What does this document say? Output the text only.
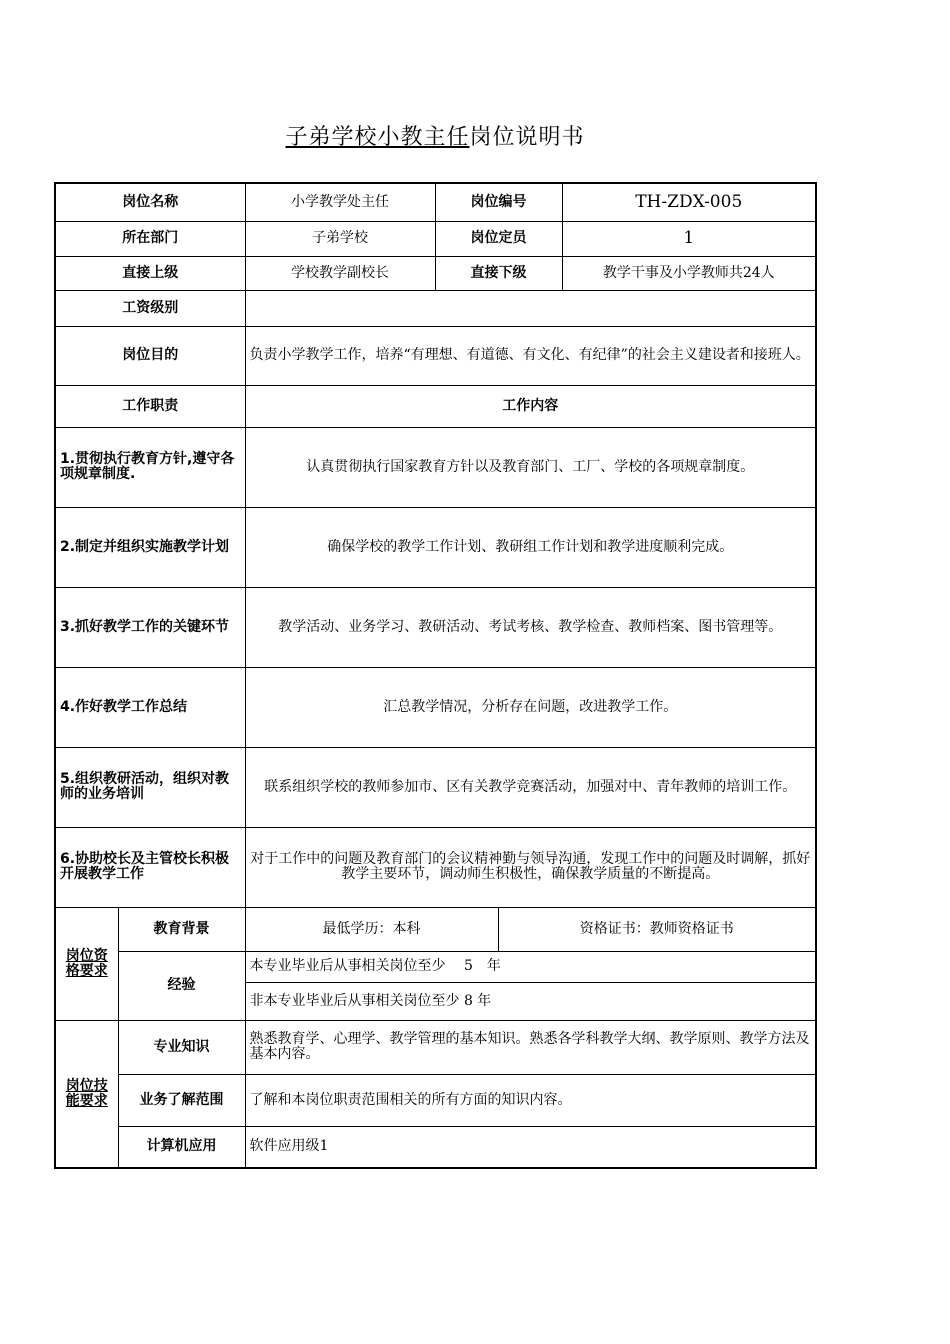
子弟学校小教主任岗位说明书
岗位名称		小学教学处主任	岗位编号		TH-ZDX-005
所在部门		子弟学校	岗位定员		1
直接上级		学校教学副校长	直接下级		教学干事及小学教师共24人
工资级别					
岗位目的		负责小学教学工作，培养“有理想、有道德、有文化、有纪律”的社会主义建设者和接班人。			
工作职责		工作内容			
1.贯彻执行教育方针,遵守各项规章制度.		认真贯彻执行国家教育方针以及教育部门、工厂、学校的各项规章制度。			
2.制定并组织实施教学计划		确保学校的教学工作计划、教研组工作计划和教学进度顺利完成。			
3.抓好教学工作的关键环节		教学活动、业务学习、教研活动、考试考核、教学检查、教师档案、图书管理等。			
4.作好教学工作总结		汇总教学情况，分析存在问题，改进教学工作。			
5.组织教研活动，组织对教师的业务培训		联系组织学校的教师参加市、区有关教学竞赛活动，加强对中、青年教师的培训工作。			
6.协助校长及主管校长积极开展教学工作		对于工作中的问题及教育部门的会议精神勤与领导沟通，发现工作中的问题及时调解，抓好教学主要环节，调动师生积极性，确保教学质量的不断提高。			
岗位资格要求	教育背景	最低学历：本科		资格证书：教师资格证书	
	经验	本专业毕业后从事相关岗位至少　 5　年			
		非本专业毕业后从事相关岗位至少 8 年			
岗位技能要求	专业知识	熟悉教育学、心理学、教学管理的基本知识。熟悉各学科教学大纲、教学原则、教学方法及基本内容。			
	业务了解范围	了解和本岗位职责范围相关的所有方面的知识内容。			
	计算机应用	软件应用级1			
